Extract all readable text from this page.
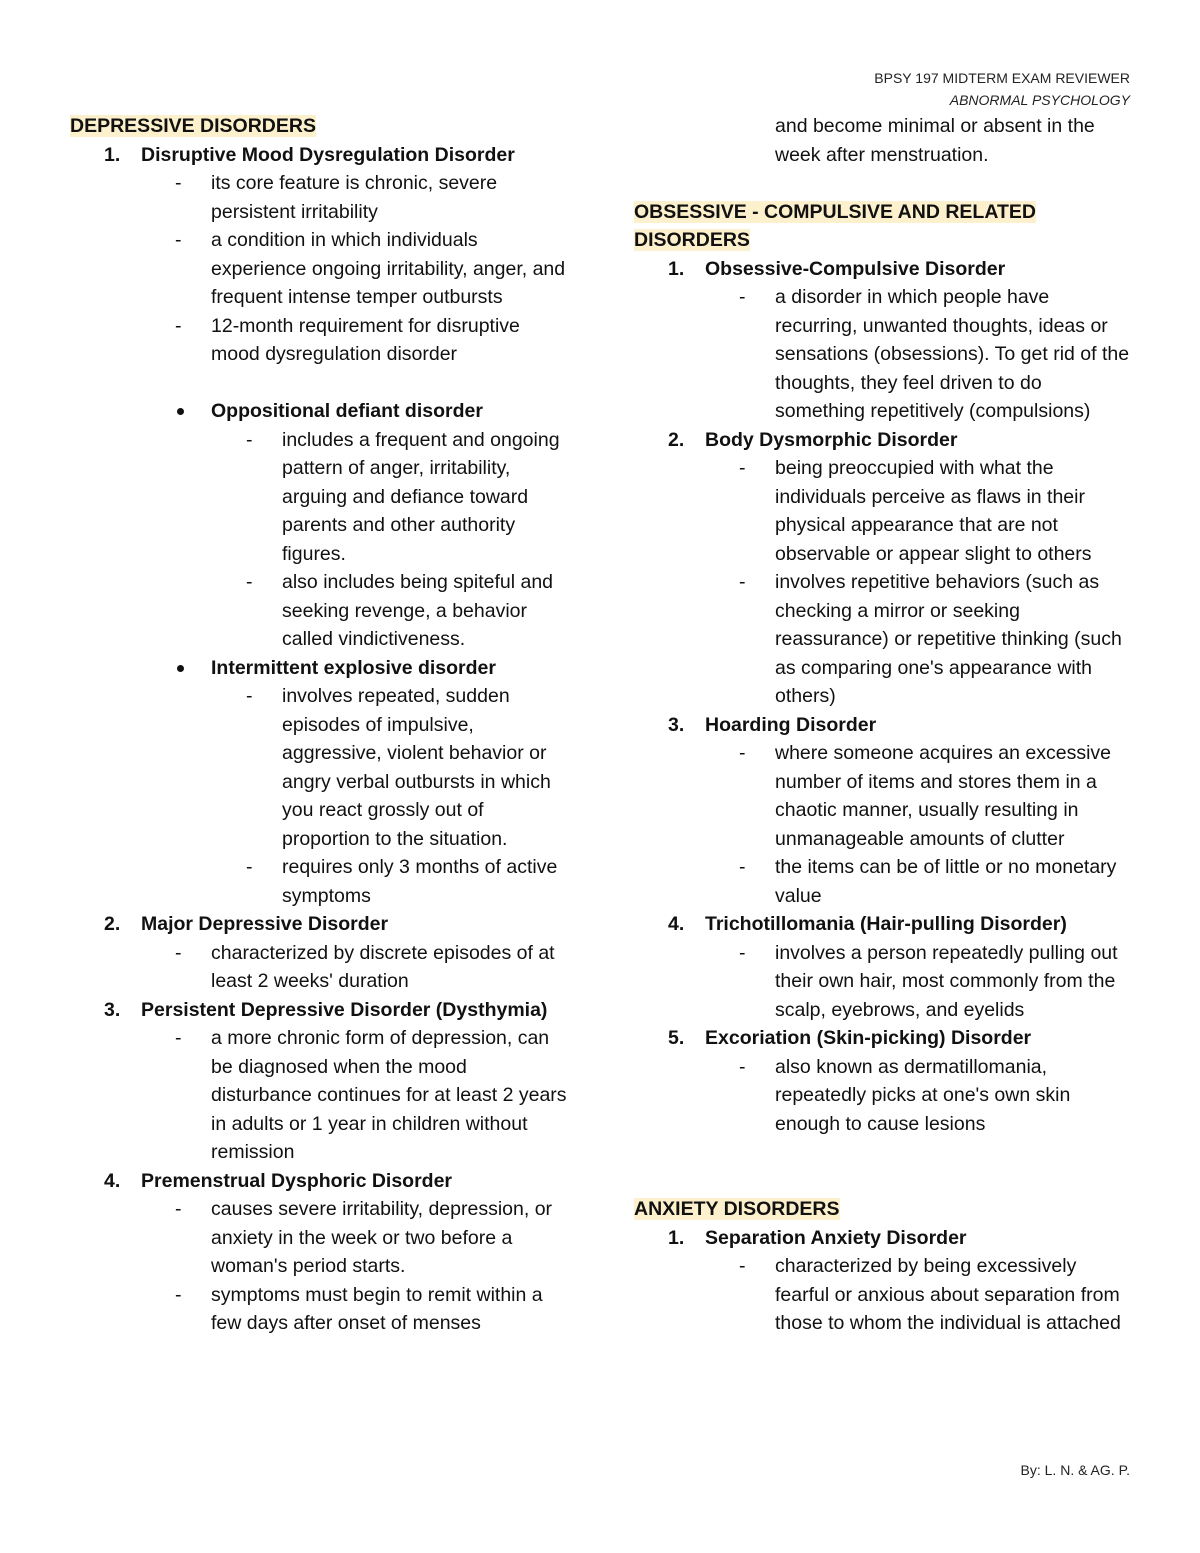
BPSY 197 MIDTERM EXAM REVIEWER
ABNORMAL PSYCHOLOGY
DEPRESSIVE DISORDERS
1. Disruptive Mood Dysregulation Disorder
- its core feature is chronic, severe persistent irritability
- a condition in which individuals experience ongoing irritability, anger, and frequent intense temper outbursts
- 12-month requirement for disruptive mood dysregulation disorder
Oppositional defiant disorder
- includes a frequent and ongoing pattern of anger, irritability, arguing and defiance toward parents and other authority figures.
- also includes being spiteful and seeking revenge, a behavior called vindictiveness.
Intermittent explosive disorder
- involves repeated, sudden episodes of impulsive, aggressive, violent behavior or angry verbal outbursts in which you react grossly out of proportion to the situation.
- requires only 3 months of active symptoms
2. Major Depressive Disorder
- characterized by discrete episodes of at least 2 weeks' duration
3. Persistent Depressive Disorder (Dysthymia)
- a more chronic form of depression, can be diagnosed when the mood disturbance continues for at least 2 years in adults or 1 year in children without remission
4. Premenstrual Dysphoric Disorder
- causes severe irritability, depression, or anxiety in the week or two before a woman's period starts.
- symptoms must begin to remit within a few days after onset of menses
and become minimal or absent in the week after menstruation.
OBSESSIVE - COMPULSIVE AND RELATED DISORDERS
1. Obsessive-Compulsive Disorder
- a disorder in which people have recurring, unwanted thoughts, ideas or sensations (obsessions). To get rid of the thoughts, they feel driven to do something repetitively (compulsions)
2. Body Dysmorphic Disorder
- being preoccupied with what the individuals perceive as flaws in their physical appearance that are not observable or appear slight to others
- involves repetitive behaviors (such as checking a mirror or seeking reassurance) or repetitive thinking (such as comparing one's appearance with others)
3. Hoarding Disorder
- where someone acquires an excessive number of items and stores them in a chaotic manner, usually resulting in unmanageable amounts of clutter
- the items can be of little or no monetary value
4. Trichotillomania (Hair-pulling Disorder)
- involves a person repeatedly pulling out their own hair, most commonly from the scalp, eyebrows, and eyelids
5. Excoriation (Skin-picking) Disorder
- also known as dermatillomania, repeatedly picks at one's own skin enough to cause lesions
ANXIETY DISORDERS
1. Separation Anxiety Disorder
- characterized by being excessively fearful or anxious about separation from those to whom the individual is attached
By: L. N. & AG. P.
